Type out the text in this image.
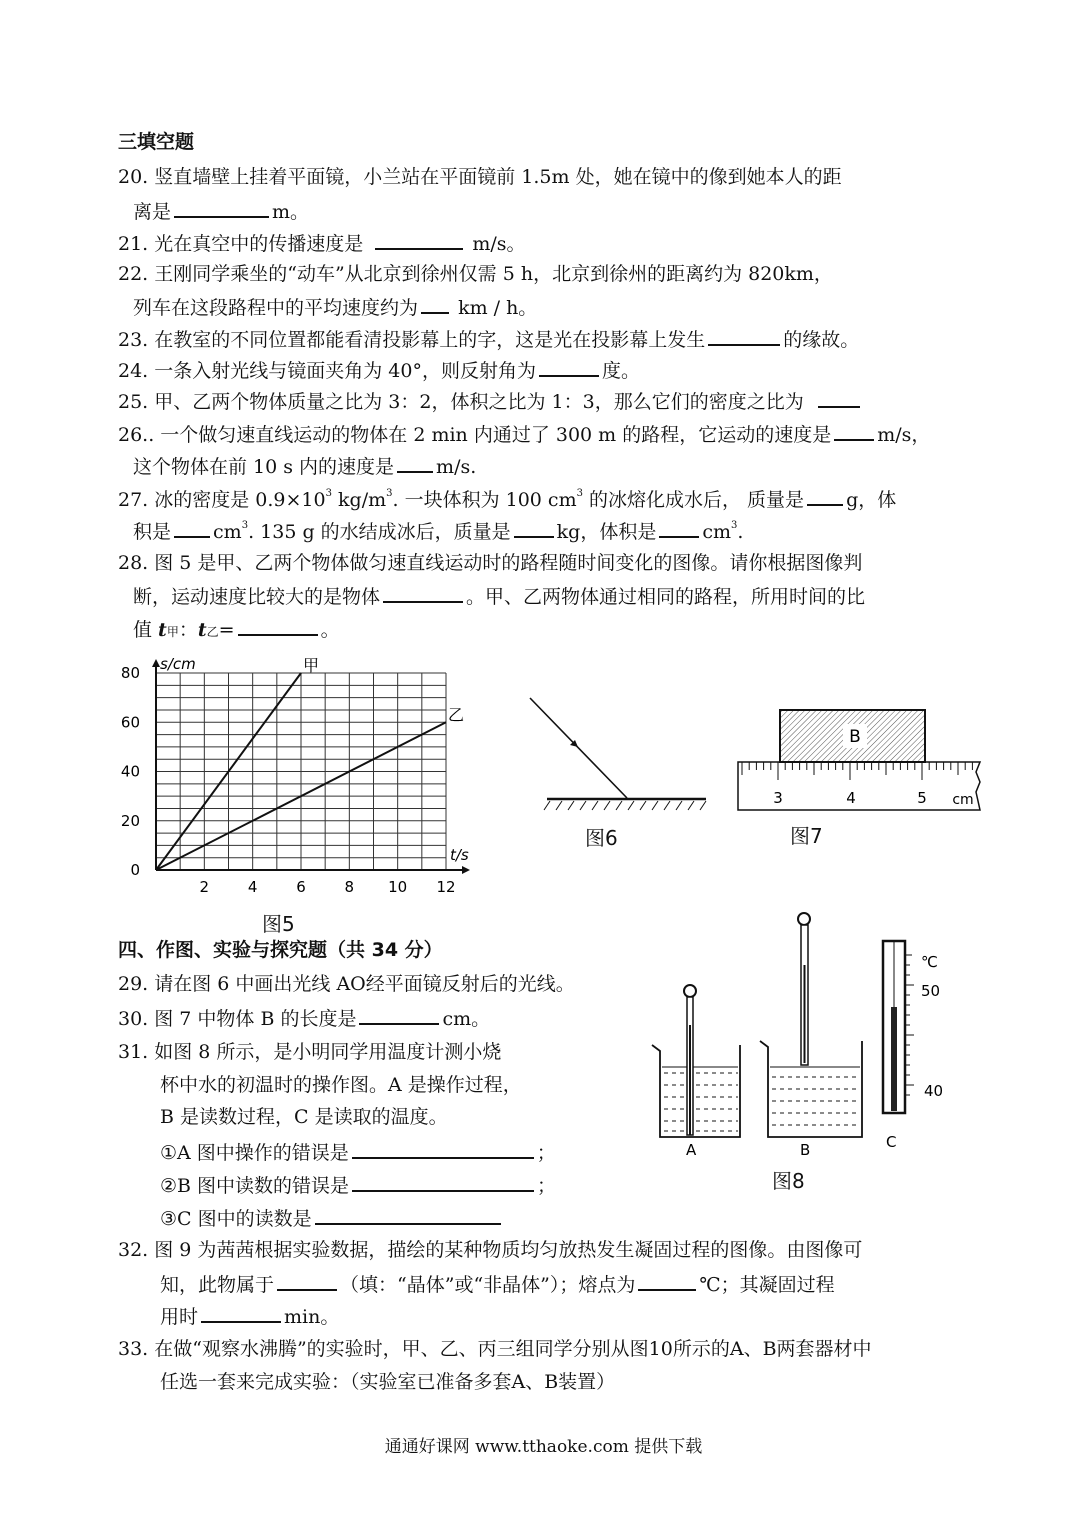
三填空题
20. 竖直墙壁上挂着平面镜，小兰站在平面镜前 1.5m 处，她在镜中的像到她本人的距
离是	m。
21. 光在真空中的传播速度是	m/s。
22. 王刚同学乘坐的“动车”从北京到徐州仅需 5 h，北京到徐州的距离约为 820km，
列车在这段路程中的平均速度约为 km / h。
23. 在教室的不同位置都能看清投影幕上的字，这是光在投影幕上发生	的缘故。
24. 一条入射光线与镜面夹角为 40°，则反射角为	度。
25. 甲、乙两个物体质量之比为 3：2，体积之比为 1：3，那么它们的密度之比为
26.. 一个做匀速直线运动的物体在 2 min 内通过了 300 m 的路程，它运动的速度是 m/s，
这个物体在前 10 s 内的速度是 m/s.
27. 冰的密度是 $0.9\times 10^3$ $kg/m^3$. 一块体积为 100 $cm^3$ 的冰熔化成水后， 质量是 g，体
积是 $cm^3$. 135 g 的水结成冰后，质量是 kg，体积是 $cm^3$.
28. 图 5 是甲、乙两个物体做匀速直线运动时的路程随时间变化的图像。请你根据图像判
断，运动速度比较大的是物体	。甲、乙两物体通过相同的路程，所用时间的比
值 t甲：t乙=	。
2	4	6	8 10 12
0
20
40
60
80 s/cm
t/s
甲
乙
图5
图6
B
3	4	5 cm
图7
四、作图、实验与探究题（共 34 分）
29. 请在图 6 中画出光线 AO经平面镜反射后的光线。
30. 图 7 中物体 B 的长度是	cm。
31. 如图 8 所示，是小明同学用温度计测小烧
杯中水的初温时的操作图。A 是操作过程，
B 是读数过程，C 是读取的温度。
①A 图中操作的错误是	；
②B 图中读数的错误是	；
③C 图中的读数是
A	B
℃
50
40
C
图8
32. 图 9 为茜茜根据实验数据，描绘的某种物质均匀放热发生凝固过程的图像。由图像可
知，此物属于	（填：“晶体”或“非晶体”）；熔点为	℃；其凝固过程
用时	min。
33. 在做“观察水沸腾”的实验时，甲、乙、丙三组同学分别从图10所示的A、B两套器材中
任选一套来完成实验：（实验室已准备多套A、B装置）
通通好课网 www.tthaoke.com 提供下载
